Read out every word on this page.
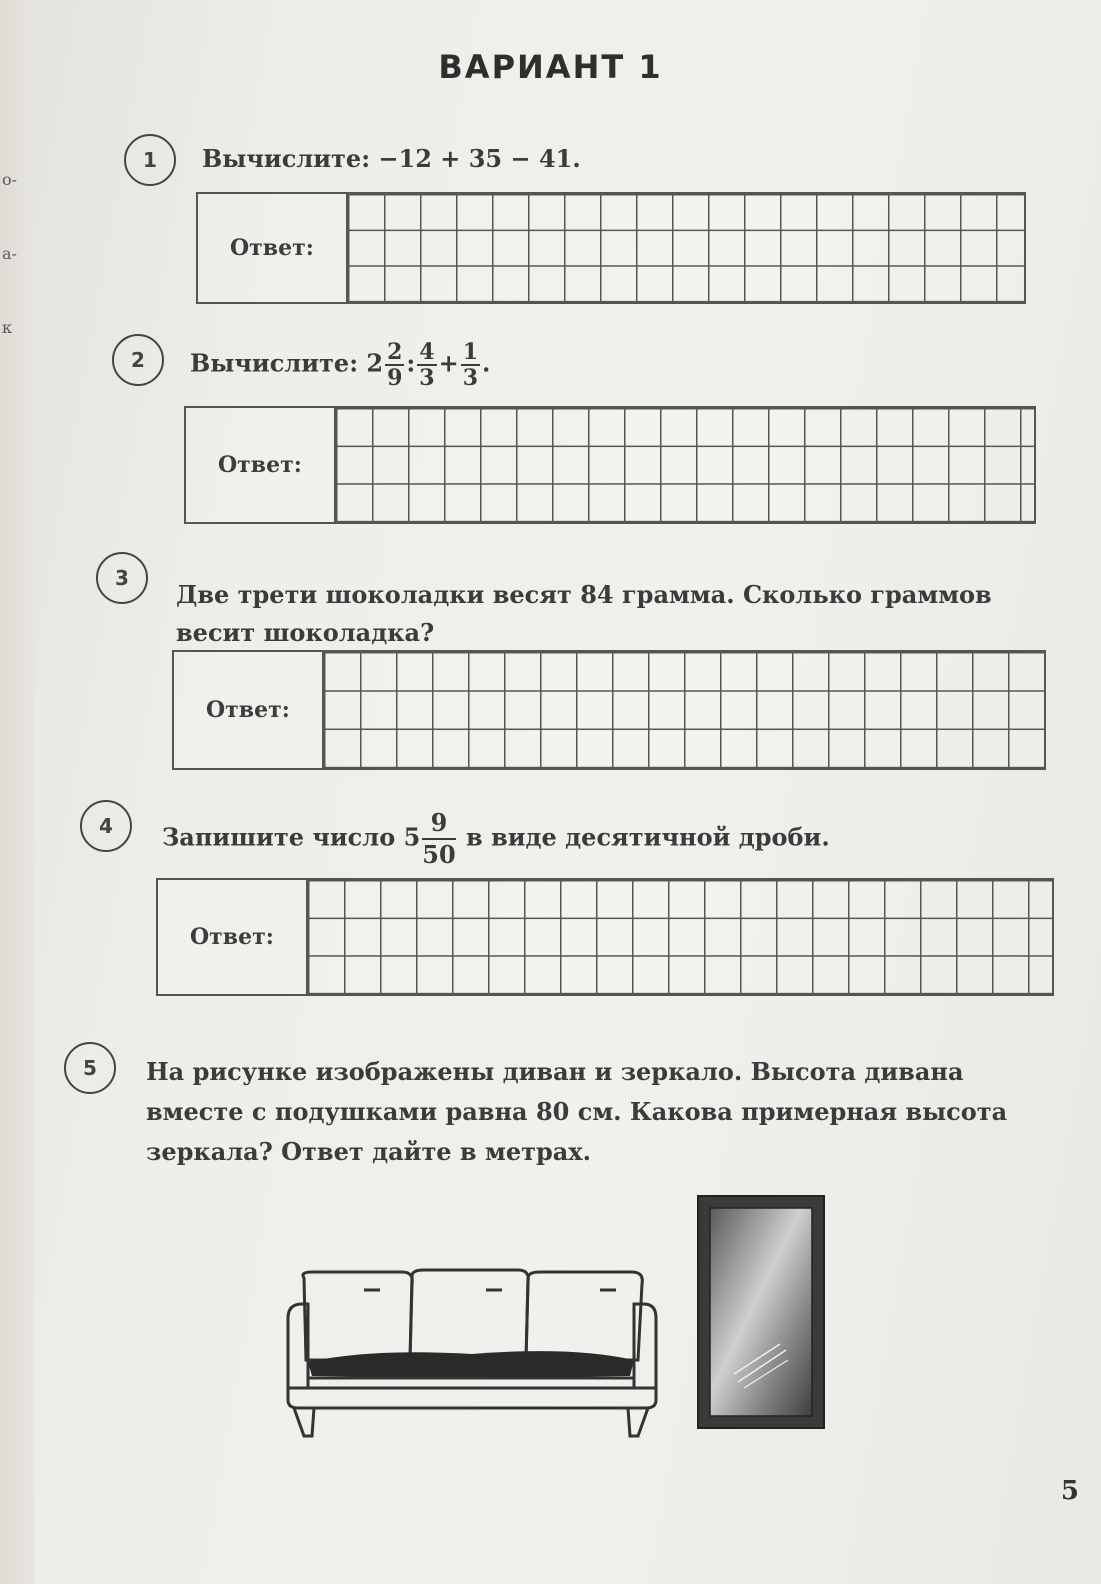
о-
а-
к
ВАРИАНТ 1
1	Вычислите: −12 + 35 − 41.
Ответ:
2	Вычислите: $2 \frac{2}{9}$ : $\frac{4}{3} + \frac{1}{3}$ .
Ответ:
3
Две трети шоколадки весят 84 грамма. Сколько граммов весит шоколадка?
Ответ:
4	Запишите число $5 \frac{9}{50}$ в виде десятичной дроби.
Ответ:
5	На рисунке изображены диван и зеркало. Высота дивана вместе с подушками равна 80 см. Какова примерная высота зеркала? Ответ дайте в метрах.
5
